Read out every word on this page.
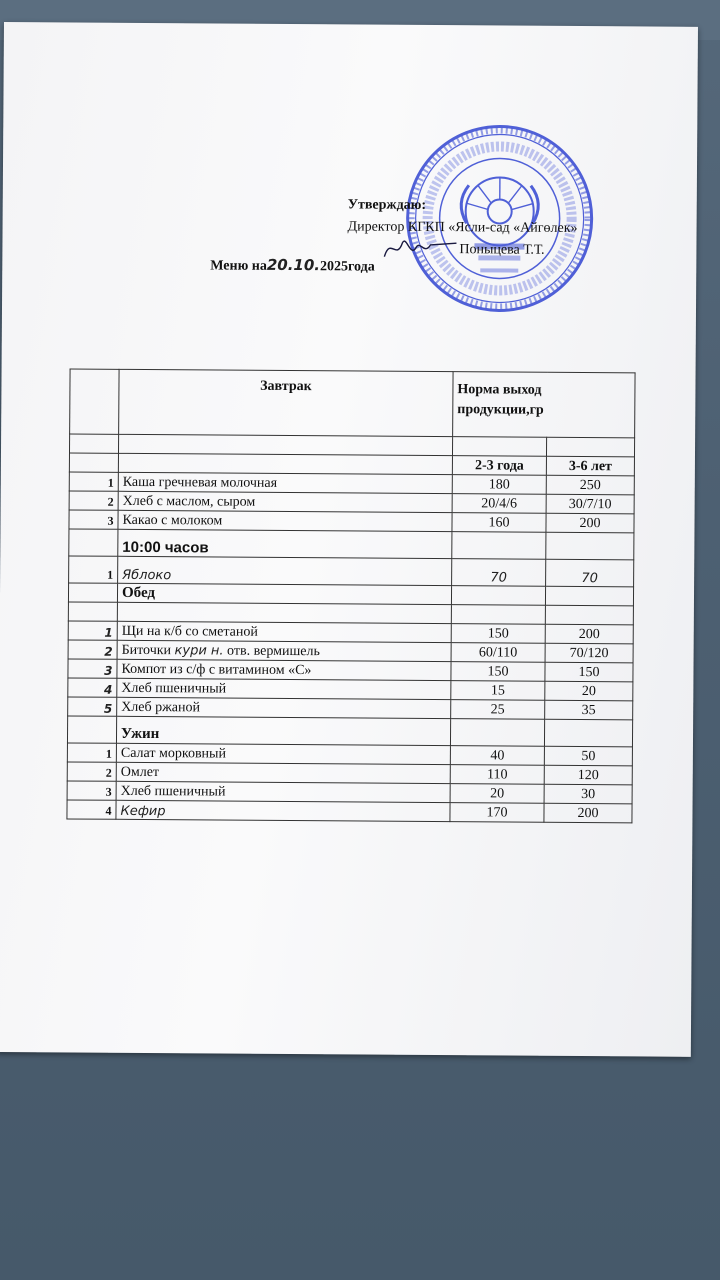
Утверждаю:
Директор КГКП «Ясли-сад «Айгөлек»
Поныцева Т.Т.
Меню на20.10.2025года

	Завтрак	Норма выход продукции,гр	

		2-3 года	3-6 лет
1	Каша гречневая молочная	180	250
2	Хлеб с маслом, сыром	20/4/6	30/7/10
3	Какао с молоком	160	200
	10:00 часов		
1	Яблоко	70	70
	Обед		

1	Щи на к/б со сметаной	150	200
2	Биточки кури н. отв. вермишель	60/110	70/120
3	Компот из с/ф с витамином «С»	150	150
4	Хлеб пшеничный	15	20
5	Хлеб ржаной	25	35
	Ужин		
1	Салат морковный	40	50
2	Омлет	110	120
3	Хлеб пшеничный	20	30
4	Кефир	170	200
